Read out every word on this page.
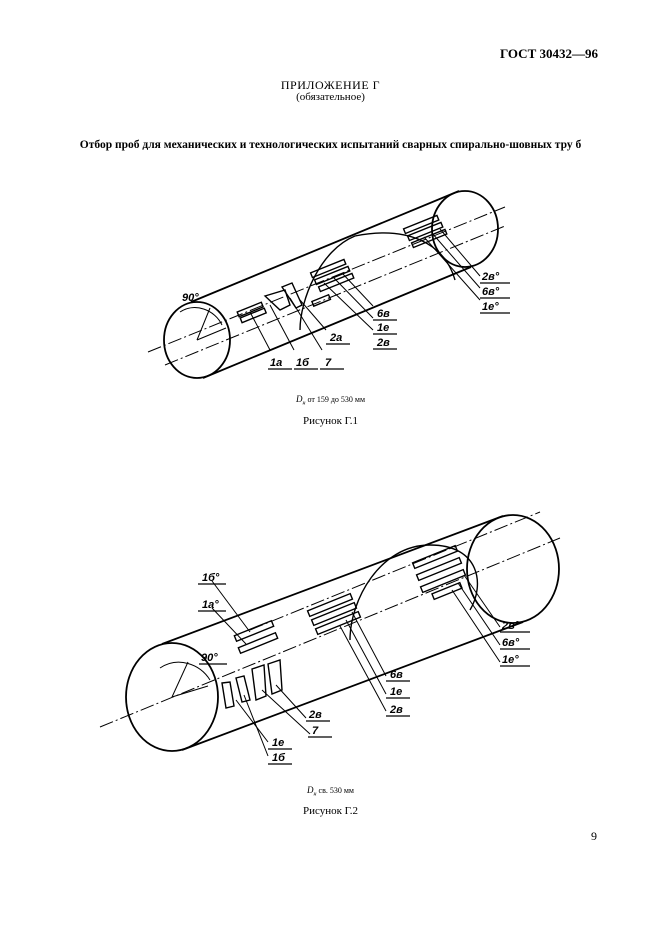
ГОСТ 30432—96
ПРИЛОЖЕНИЕ Г
(обязательное)
Отбор проб для механических и технологических испытаний сварных спирально-шовных тру б
90°
1а 1б 7
2а	2в
1е
6в
2в°
6в°
1е°
1б°
1а°
90°
1е
1б
7
2в
1е
6в
2в
2в°
6в°
1е°
$D_н$ от 159 до 530 мм
Рисунок Г.1
$D_н$ св. 530 мм
Рисунок Г.2
9
